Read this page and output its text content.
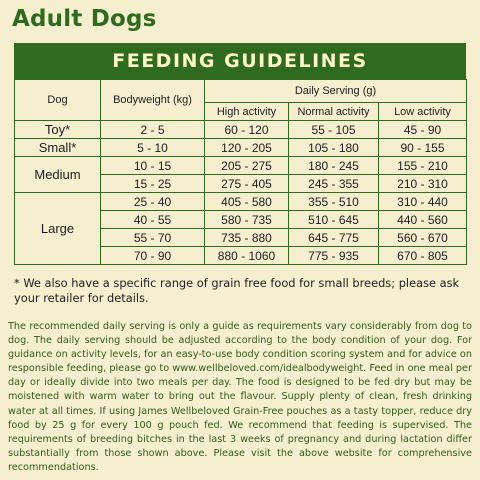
Adult Dogs
FEEDING GUIDELINES
Dog	Bodyweight (kg)	Daily Serving (g)		
		High activity	Normal activity	Low activity
Toy*	2 - 5	60 - 120	55 - 105	45 - 90
Small*	5 - 10	120 - 205	105 - 180	90 - 155
Medium	10 - 15	205 - 275	180 - 245	155 - 210
	15 - 25	275 - 405	245 - 355	210 - 310
Large	25 - 40	405 - 580	355 - 510	310 - 440
	40 - 55	580 - 735	510 - 645	440 - 560
	55 - 70	735 - 880	645 - 775	560 - 670
	70 - 90	880 - 1060	775 - 935	670 - 805
* We also have a specific range of grain free food for small breeds; please ask your retailer for details.
The recommended daily serving is only a guide as requirements vary considerably from dog to dog. The daily serving should be adjusted according to the body condition of your dog. For guidance on activity levels, for an easy-to-use body condition scoring system and for advice on responsible feeding, please go to www.wellbeloved.com/idealbodyweight. Feed in one meal per day or ideally divide into two meals per day. The food is designed to be fed dry but may be moistened with warm water to bring out the flavour. Supply plenty of clean, fresh drinking water at all times. If using James Wellbeloved Grain-Free pouches as a tasty topper, reduce dry food by 25 g for every 100 g pouch fed. We recommend that feeding is supervised. The requirements of breeding bitches in the last 3 weeks of pregnancy and during lactation differ substantially from those shown above. Please visit the above website for comprehensive recommendations.
